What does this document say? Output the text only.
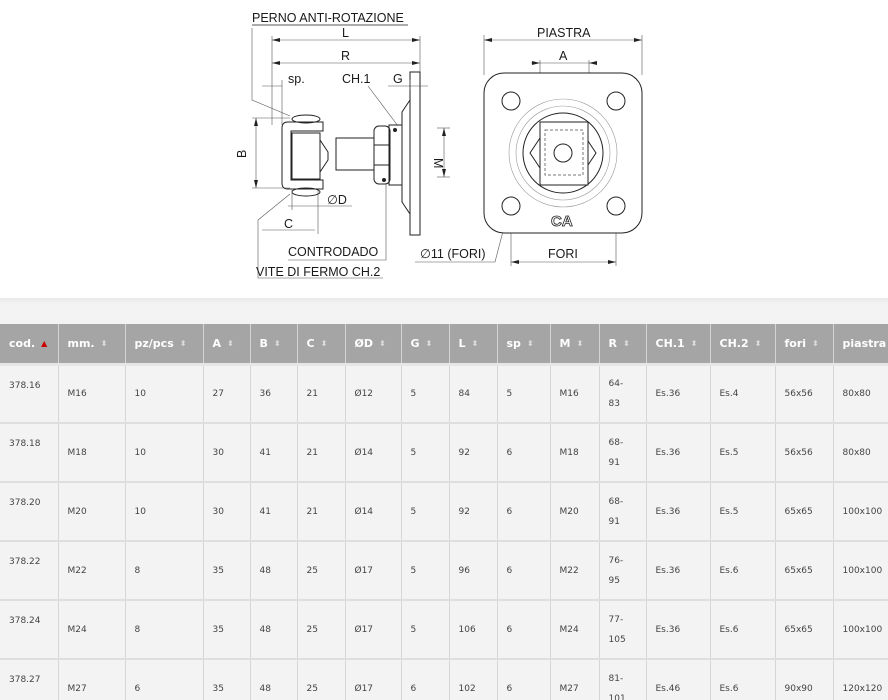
PERNO ANTI-ROTAZIONE
L
R
sp.	CH.1 G
B
M
∅D
C
CONTRODADO
VITE DI FERMO CH.2
∅11 (FORI)
PIASTRA
A
FORI
CA
cod. ▲	mm. ⬍	pz/pcs ⬍	A ⬍	B ⬍	C ⬍	ØD ⬍	G ⬍	L ⬍	sp ⬍	M ⬍	R ⬍	CH.1 ⬍	CH.2 ⬍	fori ⬍	piastra
378.16	M16	10	27	36	21	Ø12	5	84	5	M16	64-
83	Es.36	Es.4	56x56	80x80
378.18	M18	10	30	41	21	Ø14	5	92	6	M18	68-
91	Es.36	Es.5	56x56	80x80
378.20	M20	10	30	41	21	Ø14	5	92	6	M20	68-
91	Es.36	Es.5	65x65	100x100
378.22	M22	8	35	48	25	Ø17	5	96	6	M22	76-
95	Es.36	Es.6	65x65	100x100
378.24	M24	8	35	48	25	Ø17	5	106	6	M24	77-
105	Es.36	Es.6	65x65	100x100
378.27	M27	6	35	48	25	Ø17	6	102	6	M27	81-
101	Es.46	Es.6	90x90	120x120
